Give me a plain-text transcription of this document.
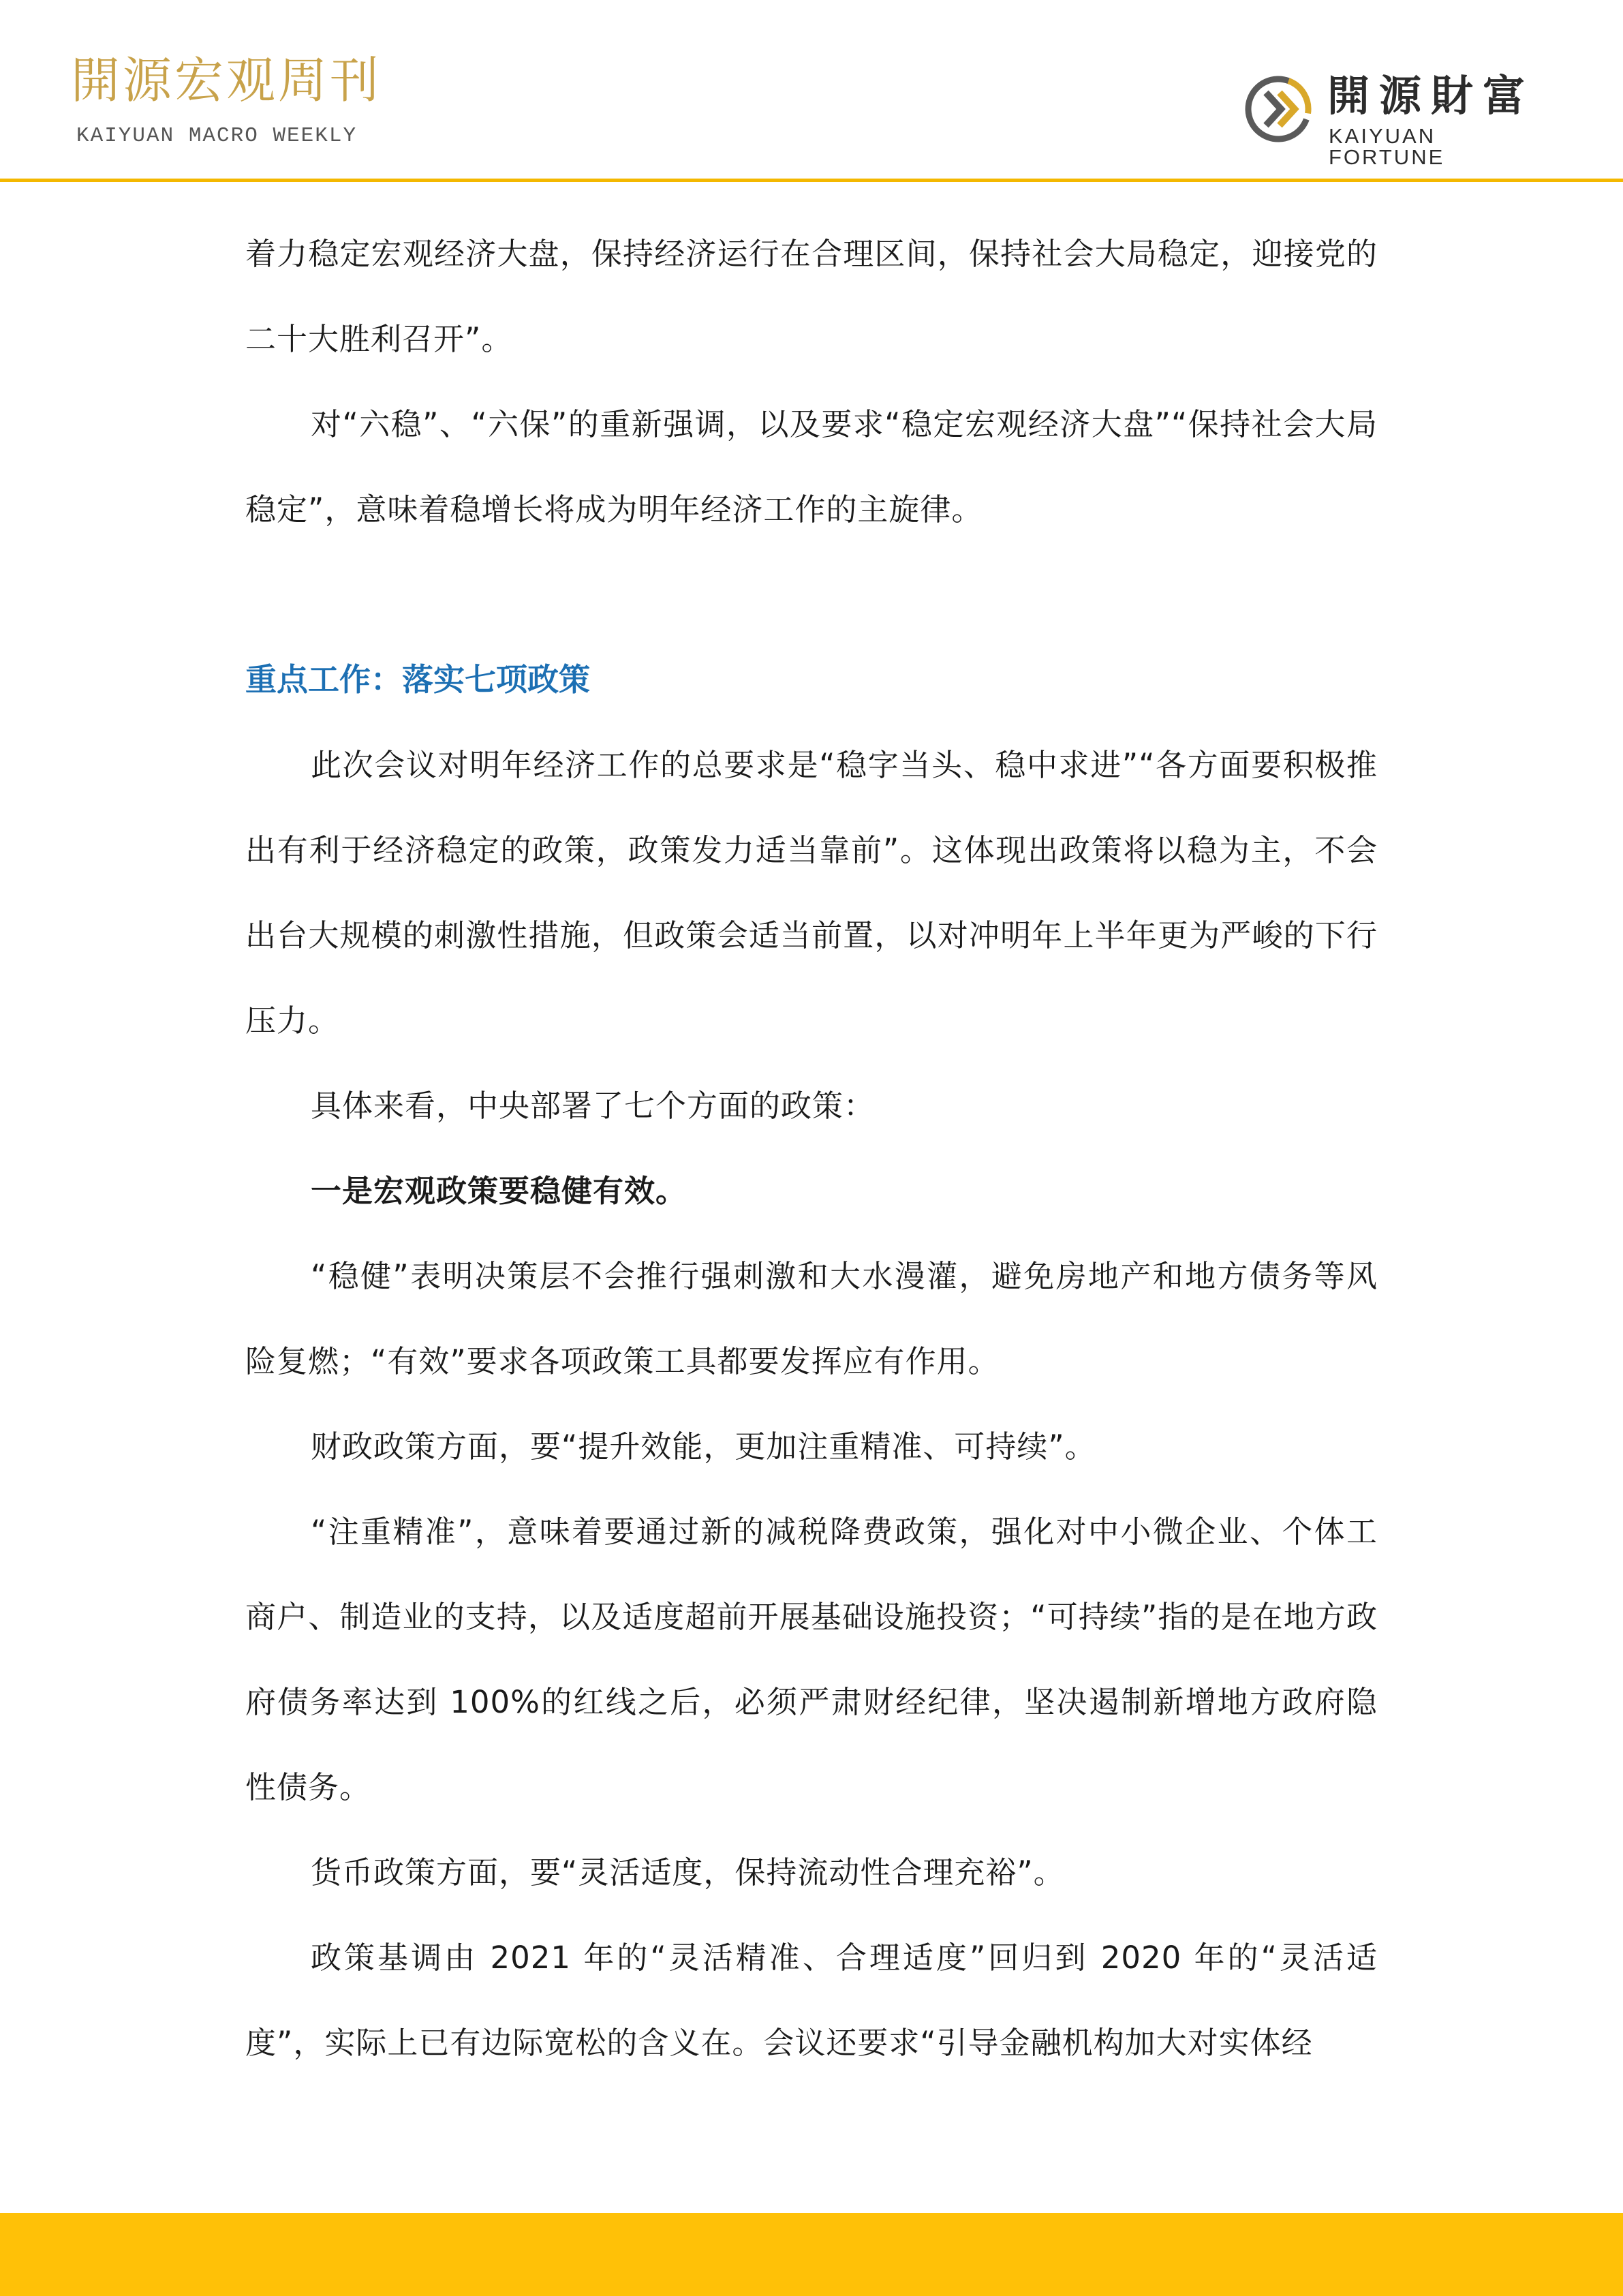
開源宏观周刊
KAIYUAN MACRO WEEKLY
開源財富
KAIYUAN FORTUNE

着力稳定宏观经济大盘，保持经济运行在合理区间，保持社会大局稳定，迎接党的二十大胜利召开”。

对“六稳”、“六保”的重新强调，以及要求“稳定宏观经济大盘”“保持社会大局稳定”，意味着稳增长将成为明年经济工作的主旋律。

重点工作：落实七项政策

此次会议对明年经济工作的总要求是“稳字当头、稳中求进”“各方面要积极推出有利于经济稳定的政策，政策发力适当靠前”。这体现出政策将以稳为主，不会出台大规模的刺激性措施，但政策会适当前置，以对冲明年上半年更为严峻的下行压力。

具体来看，中央部署了七个方面的政策：

一是宏观政策要稳健有效。

“稳健”表明决策层不会推行强刺激和大水漫灌，避免房地产和地方债务等风险复燃；“有效”要求各项政策工具都要发挥应有作用。

财政政策方面，要“提升效能，更加注重精准、可持续”。

“注重精准”，意味着要通过新的减税降费政策，强化对中小微企业、个体工商户、制造业的支持，以及适度超前开展基础设施投资；“可持续”指的是在地方政府债务率达到 100%的红线之后，必须严肃财经纪律，坚决遏制新增地方政府隐性债务。

货币政策方面，要“灵活适度，保持流动性合理充裕”。

政策基调由 2021 年的“灵活精准、合理适度”回归到 2020 年的“灵活适度”，实际上已有边际宽松的含义在。会议还要求“引导金融机构加大对实体经
